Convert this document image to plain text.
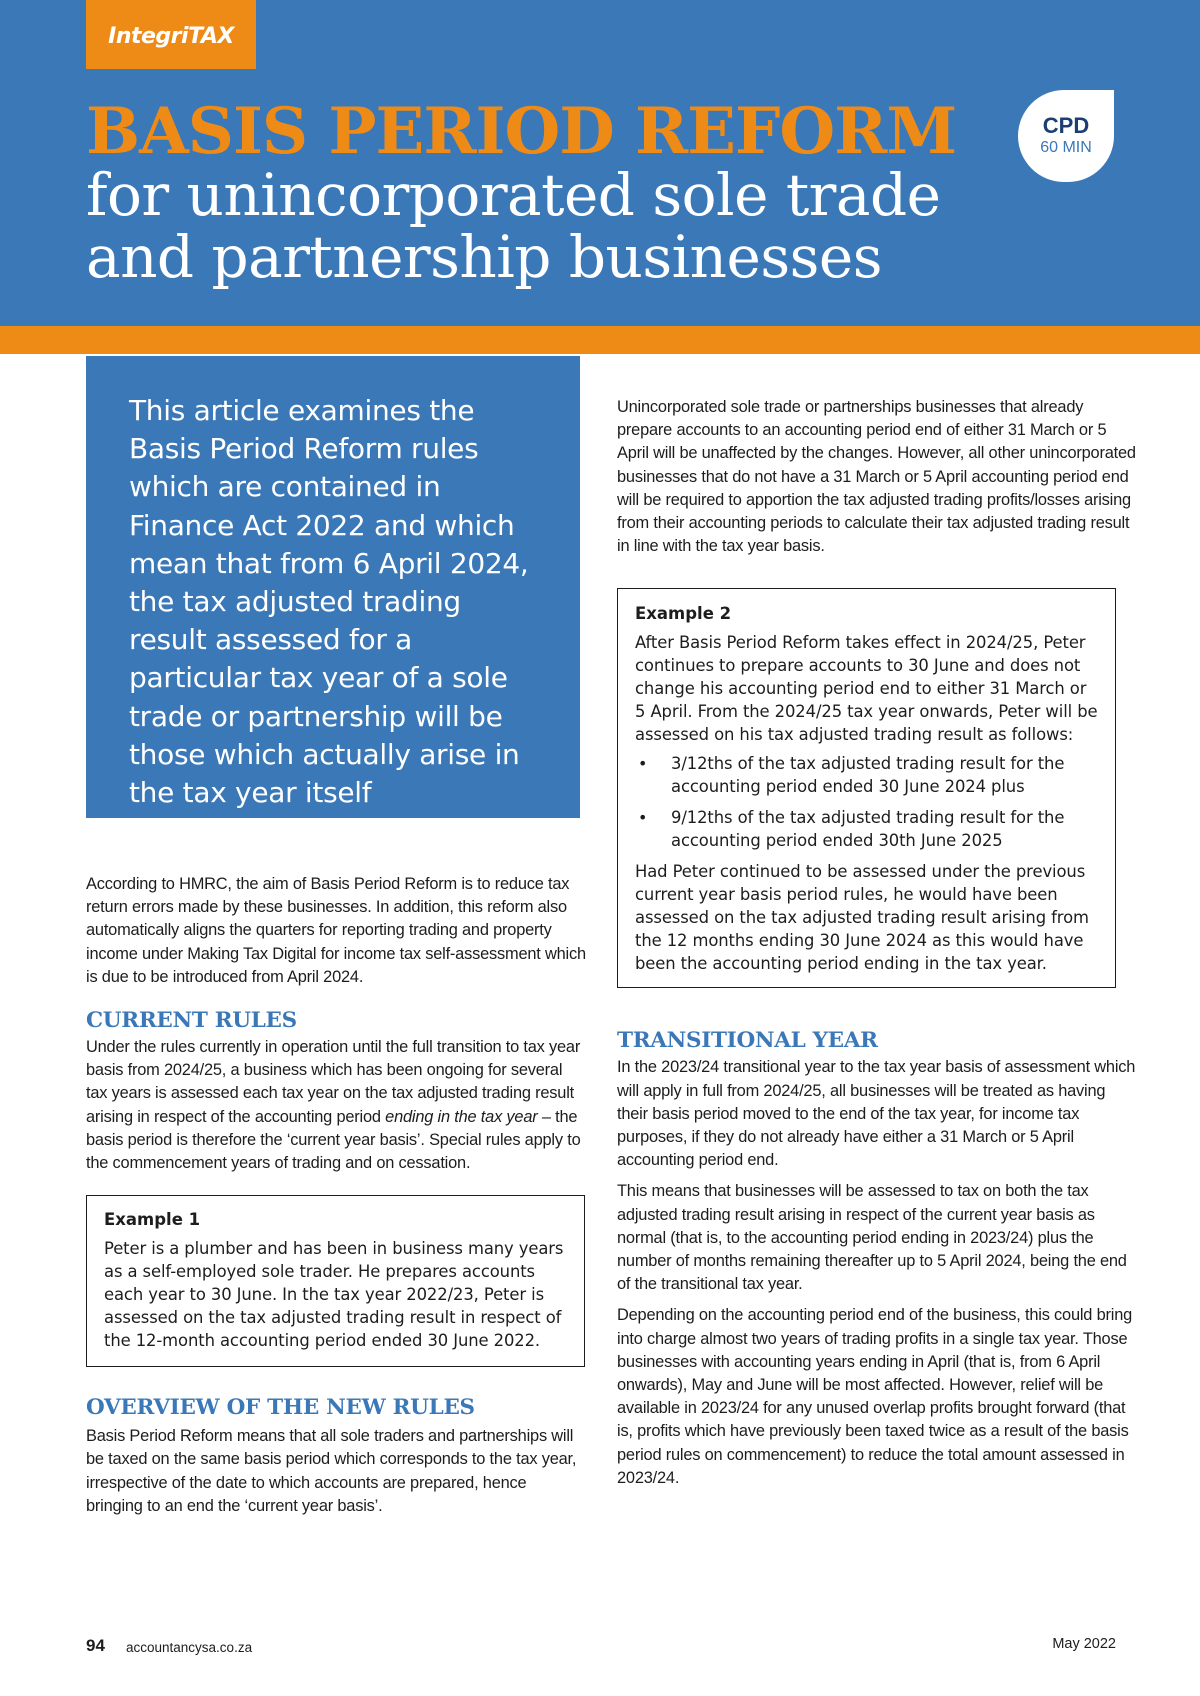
IntegriTAX
BASIS PERIOD REFORM
for unincorporated sole trade
and partnership businesses
CPD
60 MIN

This article examines the Basis Period Reform rules which are contained in Finance Act 2022 and which mean that from 6 April 2024, the tax adjusted trading result assessed for a particular tax year of a sole trade or partnership will be those which actually arise in the tax year itself

According to HMRC, the aim of Basis Period Reform is to reduce tax return errors made by these businesses. In addition, this reform also automatically aligns the quarters for reporting trading and property income under Making Tax Digital for income tax self-assessment which is due to be introduced from April 2024.

CURRENT RULES

Under the rules currently in operation until the full transition to tax year basis from 2024/25, a business which has been ongoing for several tax years is assessed each tax year on the tax adjusted trading result arising in respect of the accounting period ending in the tax year – the basis period is therefore the ‘current year basis’. Special rules apply to the commencement years of trading and on cessation.

Example 1

Peter is a plumber and has been in business many years as a self-employed sole trader. He prepares accounts each year to 30 June. In the tax year 2022/23, Peter is assessed on the tax adjusted trading result in respect of the 12-month accounting period ended 30 June 2022.

OVERVIEW OF THE NEW RULES

Basis Period Reform means that all sole traders and partnerships will be taxed on the same basis period which corresponds to the tax year, irrespective of the date to which accounts are prepared, hence bringing to an end the ‘current year basis’.

Unincorporated sole trade or partnerships businesses that already prepare accounts to an accounting period end of either 31 March or 5 April will be unaffected by the changes. However, all other unincorporated businesses that do not have a 31 March or 5 April accounting period end will be required to apportion the tax adjusted trading profits/losses arising from their accounting periods to calculate their tax adjusted trading result in line with the tax year basis.

Example 2

After Basis Period Reform takes effect in 2024/25, Peter continues to prepare accounts to 30 June and does not change his accounting period end to either 31 March or 5 April. From the 2024/25 tax year onwards, Peter will be assessed on his tax adjusted trading result as follows:

• 3/12ths of the tax adjusted trading result for the accounting period ended 30 June 2024 plus
• 9/12ths of the tax adjusted trading result for the accounting period ended 30th June 2025

Had Peter continued to be assessed under the previous current year basis period rules, he would have been assessed on the tax adjusted trading result arising from the 12 months ending 30 June 2024 as this would have been the accounting period ending in the tax year.

TRANSITIONAL YEAR

In the 2023/24 transitional year to the tax year basis of assessment which will apply in full from 2024/25, all businesses will be treated as having their basis period moved to the end of the tax year, for income tax purposes, if they do not already have either a 31 March or 5 April accounting period end.

This means that businesses will be assessed to tax on both the tax adjusted trading result arising in respect of the current year basis as normal (that is, to the accounting period ending in 2023/24) plus the number of months remaining thereafter up to 5 April 2024, being the end of the transitional tax year.

Depending on the accounting period end of the business, this could bring into charge almost two years of trading profits in a single tax year. Those businesses with accounting years ending in April (that is, from 6 April onwards), May and June will be most affected. However, relief will be available in 2023/24 for any unused overlap profits brought forward (that is, profits which have previously been taxed twice as a result of the basis period rules on commencement) to reduce the total amount assessed in 2023/24.

94 accountancysa.co.za	May 2022
